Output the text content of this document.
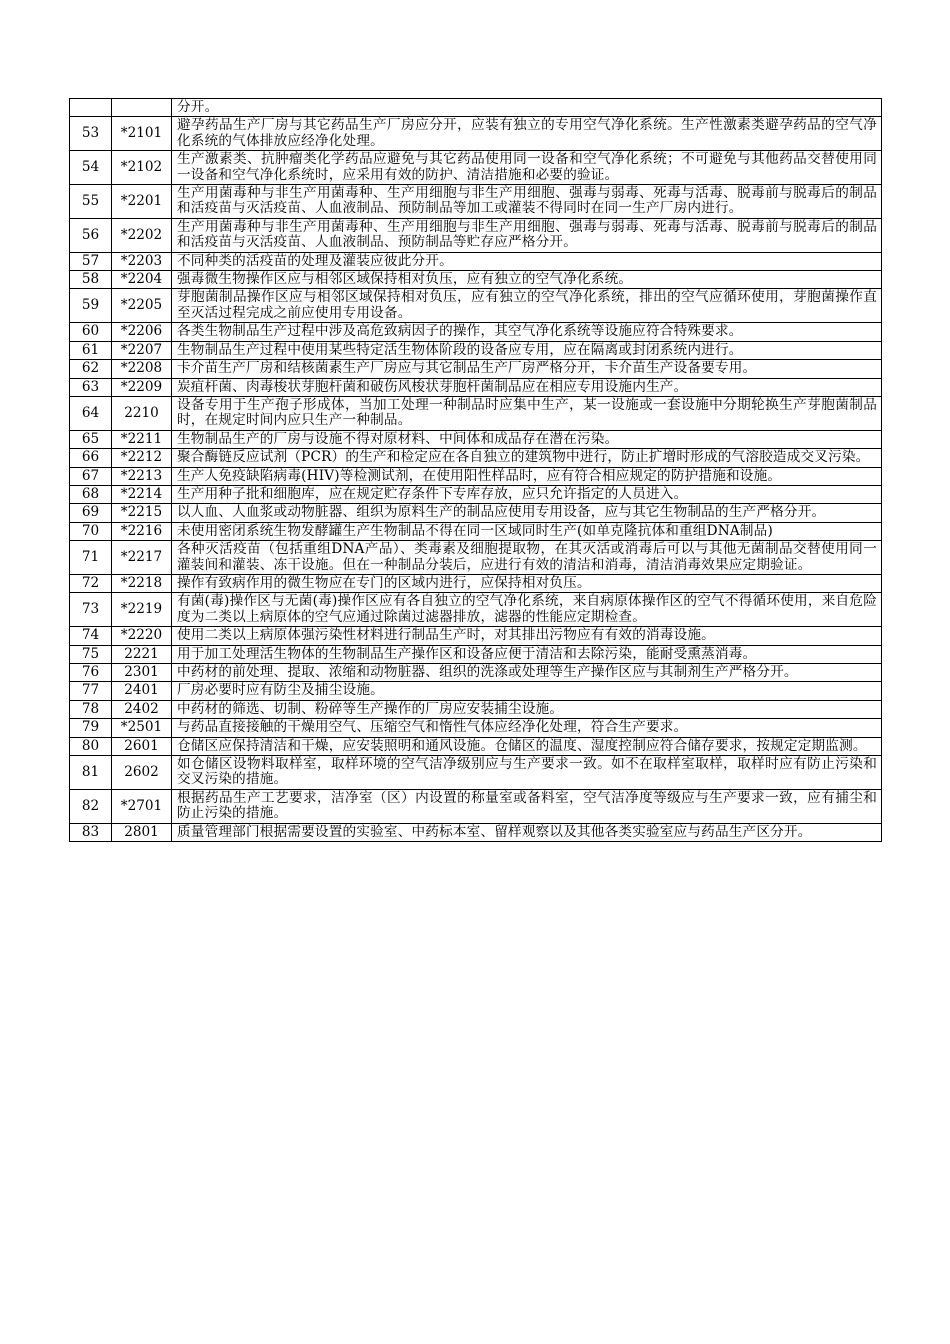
		分开。
53	*2101	避孕药品生产厂房与其它药品生产厂房应分开，应装有独立的专用空气净化系统。生产性激素类避孕药品的空气净化系统的气体排放应经净化处理。
54	*2102	生产激素类、抗肿瘤类化学药品应避免与其它药品使用同一设备和空气净化系统；不可避免与其他药品交替使用同一设备和空气净化系统时，应采用有效的防护、清洁措施和必要的验证。
55	*2201	生产用菌毒种与非生产用菌毒种、生产用细胞与非生产用细胞、强毒与弱毒、死毒与活毒、脱毒前与脱毒后的制品和活疫苗与灭活疫苗、人血液制品、预防制品等加工或灌装不得同时在同一生产厂房内进行。
56	*2202	生产用菌毒种与非生产用菌毒种、生产用细胞与非生产用细胞、强毒与弱毒、死毒与活毒、脱毒前与脱毒后的制品和活疫苗与灭活疫苗、人血液制品、预防制品等贮存应严格分开。
57	*2203	不同种类的活疫苗的处理及灌装应彼此分开。
58	*2204	强毒微生物操作区应与相邻区域保持相对负压，应有独立的空气净化系统。
59	*2205	芽胞菌制品操作区应与相邻区域保持相对负压，应有独立的空气净化系统，排出的空气应循环使用，芽胞菌操作直至灭活过程完成之前应使用专用设备。
60	*2206	各类生物制品生产过程中涉及高危致病因子的操作，其空气净化系统等设施应符合特殊要求。
61	*2207	生物制品生产过程中使用某些特定活生物体阶段的设备应专用，应在隔离或封闭系统内进行。
62	*2208	卡介苗生产厂房和结核菌素生产厂房应与其它制品生产厂房严格分开，卡介苗生产设备要专用。
63	*2209	炭疽杆菌、肉毒梭状芽胞杆菌和破伤风梭状芽胞杆菌制品应在相应专用设施内生产。
64	2210	设备专用于生产孢子形成体，当加工处理一种制品时应集中生产，某一设施或一套设施中分期轮换生产芽胞菌制品时，在规定时间内应只生产一种制品。
65	*2211	生物制品生产的厂房与设施不得对原材料、中间体和成品存在潜在污染。
66	*2212	聚合酶链反应试剂（PCR）的生产和检定应在各自独立的建筑物中进行，防止扩增时形成的气溶胶造成交叉污染。
67	*2213	生产人免疫缺陷病毒(HIV)等检测试剂，在使用阳性样品时，应有符合相应规定的防护措施和设施。
68	*2214	生产用种子批和细胞库，应在规定贮存条件下专库存放，应只允许指定的人员进入。
69	*2215	以人血、人血浆或动物脏器、组织为原料生产的制品应使用专用设备，应与其它生物制品的生产严格分开。
70	*2216	未使用密闭系统生物发酵罐生产生物制品不得在同一区域同时生产(如单克隆抗体和重组DNA制品)
71	*2217	各种灭活疫苗（包括重组DNA产品）、类毒素及细胞提取物，在其灭活或消毒后可以与其他无菌制品交替使用同一灌装间和灌装、冻干设施。但在一种制品分装后，应进行有效的清洁和消毒，清洁消毒效果应定期验证。
72	*2218	操作有致病作用的微生物应在专门的区域内进行，应保持相对负压。
73	*2219	有菌(毒)操作区与无菌(毒)操作区应有各自独立的空气净化系统，来自病原体操作区的空气不得循环使用，来自危险度为二类以上病原体的空气应通过除菌过滤器排放，滤器的性能应定期检查。
74	*2220	使用二类以上病原体强污染性材料进行制品生产时，对其排出污物应有有效的消毒设施。
75	2221	用于加工处理活生物体的生物制品生产操作区和设备应便于清洁和去除污染，能耐受熏蒸消毒。
76	2301	中药材的前处理、提取、浓缩和动物脏器、组织的洗涤或处理等生产操作区应与其制剂生产严格分开。
77	2401	厂房必要时应有防尘及捕尘设施。
78	2402	中药材的筛选、切制、粉碎等生产操作的厂房应安装捕尘设施。
79	*2501	与药品直接接触的干燥用空气、压缩空气和惰性气体应经净化处理，符合生产要求。
80	2601	仓储区应保持清洁和干燥，应安装照明和通风设施。仓储区的温度、湿度控制应符合储存要求，按规定定期监测。
81	2602	如仓储区设物料取样室，取样环境的空气洁净级别应与生产要求一致。如不在取样室取样，取样时应有防止污染和交叉污染的措施。
82	*2701	根据药品生产工艺要求，洁净室（区）内设置的称量室或备料室，空气洁净度等级应与生产要求一致，应有捕尘和防止污染的措施。
83	2801	质量管理部门根据需要设置的实验室、中药标本室、留样观察以及其他各类实验室应与药品生产区分开。
